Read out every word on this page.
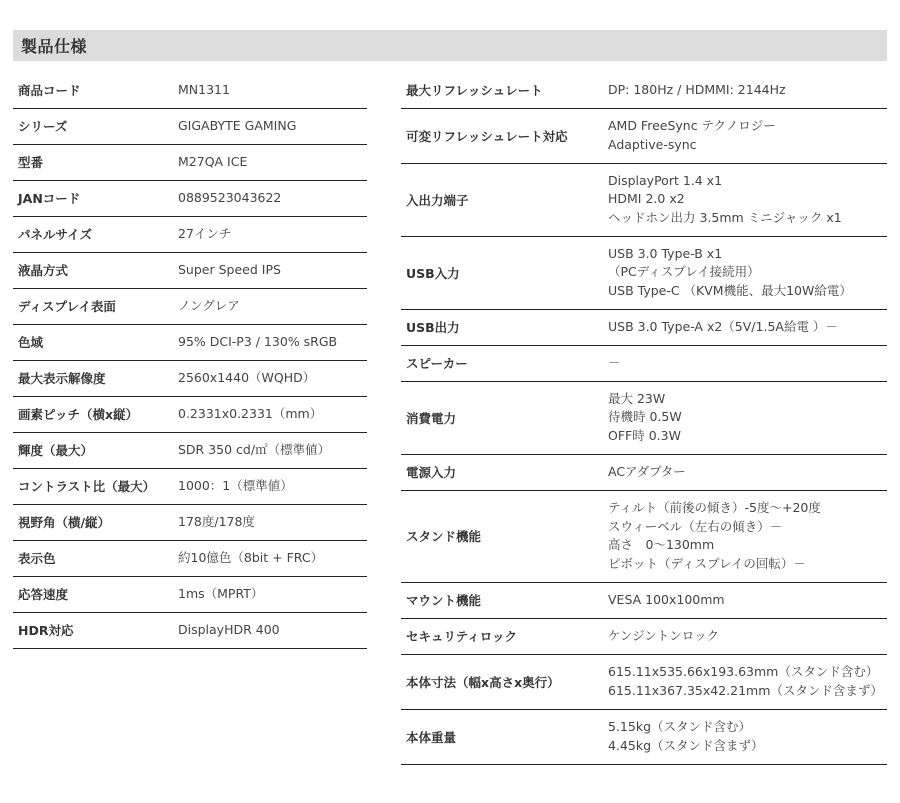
製品仕様
商品コード	MN1311

シリーズ	GIGABYTE GAMING

型番	M27QA ICE

JANコード	0889523043622

パネルサイズ	27インチ

液晶方式	Super Speed IPS

ディスプレイ表面	ノングレア

色域	95% DCI-P3 / 130% sRGB

最大表示解像度	2560x1440（WQHD）

画素ピッチ（横x縦）	0.2331x0.2331（mm）

輝度（最大）	SDR 350 cd/㎡（標準値）

コントラスト比（最大）	1000：1（標準値）

視野角（横/縦）	178度/178度

表示色	約10億色（8bit + FRC）

応答速度	1ms（MPRT）

HDR対応	DisplayHDR 400
最大リフレッシュレート	DP: 180Hz / HDMMI: 2144Hz

可変リフレッシュレート対応	AMD FreeSync テクノロジー
Adaptive-sync

入出力端子	DisplayPort 1.4 x1
HDMI 2.0 x2
ヘッドホン出力 3.5mm ミニジャック x1

USB入力	USB 3.0 Type-B x1
（PCディスプレイ接続用）
USB Type-C （KVM機能、最大10W給電）

USB出力	USB 3.0 Type-A x2（5V/1.5A給電 ）－

スピーカー	－

消費電力	最大 23W
待機時 0.5W
OFF時 0.3W

電源入力	ACアダプター

スタンド機能	ティルト（前後の傾き）-5度～+20度
スウィーベル（左右の傾き）－
高さ　0～130mm
ピボット（ディスプレイの回転）－

マウント機能	VESA 100x100mm

セキュリティロック	ケンジントンロック

本体寸法（幅x高さx奥行）	615.11x535.66x193.63mm（スタンド含む）
615.11x367.35x42.21mm（スタンド含まず）

本体重量	5.15kg（スタンド含む）
4.45kg（スタンド含まず）
